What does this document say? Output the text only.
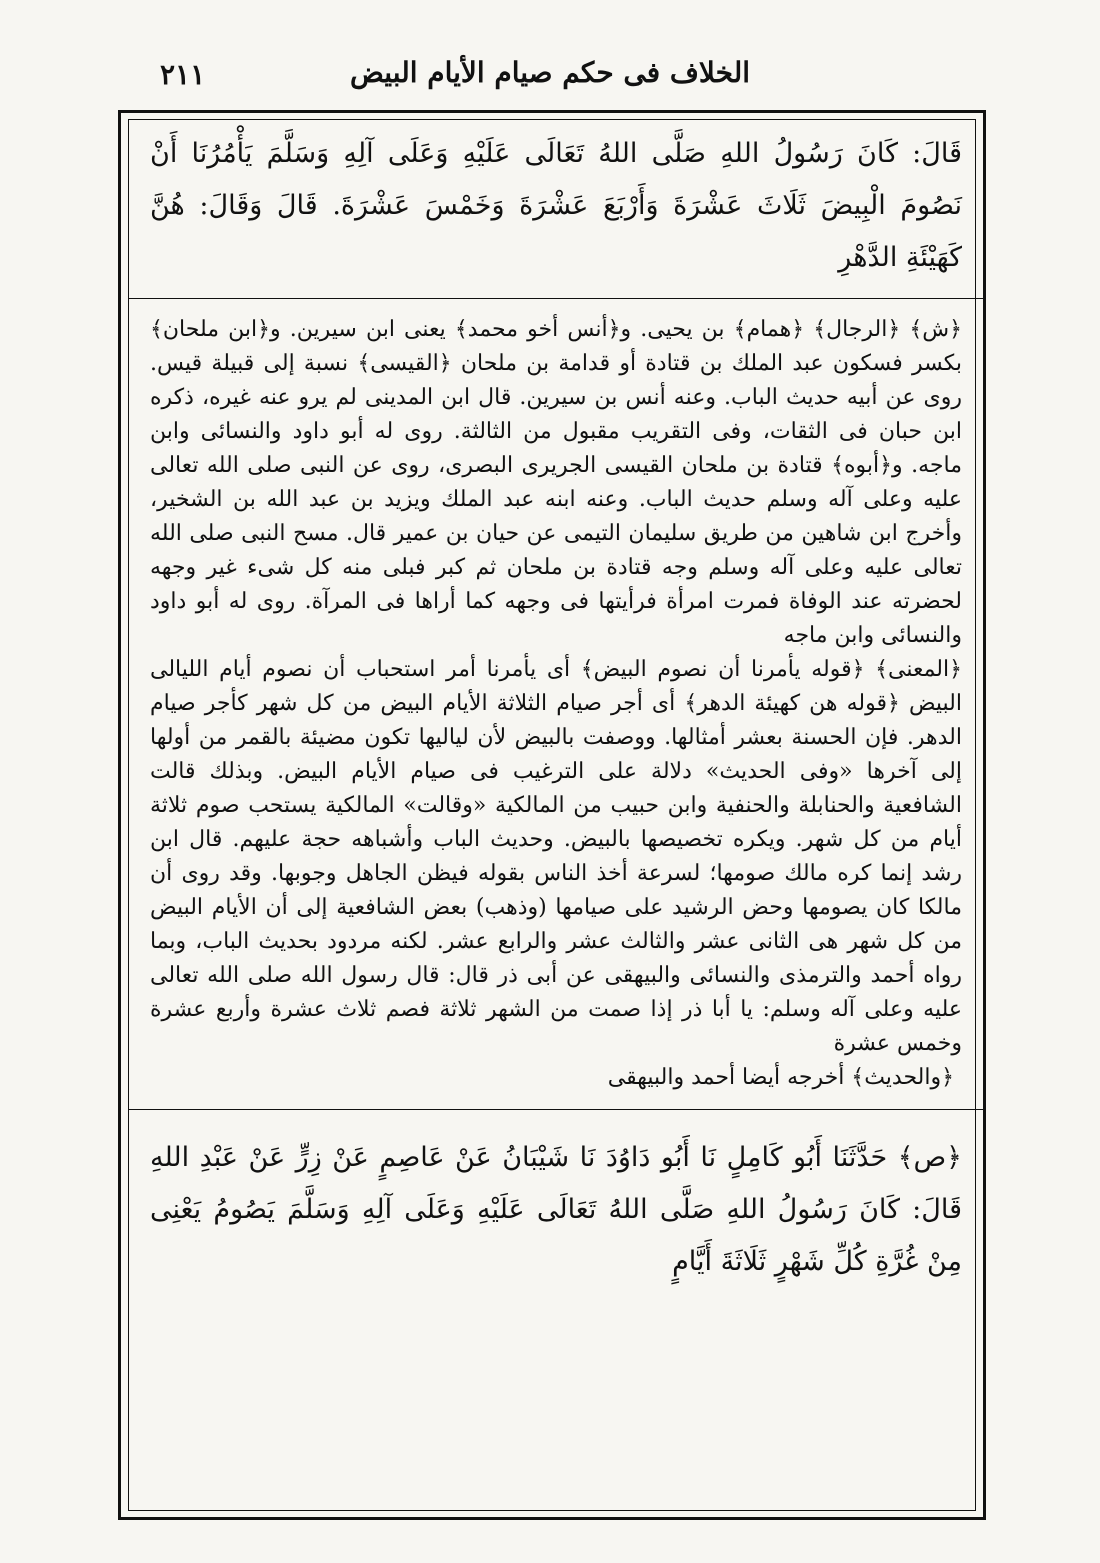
الخلاف فى حكم صيام الأيام البيض
٢١١

قَالَ: كَانَ رَسُولُ اللهِ صَلَّى اللهُ تَعَالَى عَلَيْهِ وَعَلَى آلِهِ وَسَلَّمَ يَأْمُرُنَا أَنْ نَصُومَ الْبِيضَ ثَلَاثَ عَشْرَةَ وَأَرْبَعَ عَشْرَةَ وَخَمْسَ عَشْرَةَ. قَالَ وَقَالَ: هُنَّ كَهَيْئَةِ الدَّهْرِ

﴿ش﴾ ﴿الرجال﴾ ﴿همام﴾ بن يحيى. و﴿أنس أخو محمد﴾ يعنى ابن سيرين. و﴿ابن ملحان﴾ بكسر فسكون عبد الملك بن قتادة أو قدامة بن ملحان ﴿القيسى﴾ نسبة إلى قبيلة قيس. روى عن أبيه حديث الباب. وعنه أنس بن سيرين. قال ابن المدينى لم يرو عنه غيره، ذكره ابن حبان فى الثقات، وفى التقريب مقبول من الثالثة. روى له أبو داود والنسائى وابن ماجه. و﴿أبوه﴾ قتادة بن ملحان القيسى الجريرى البصرى، روى عن النبى صلى الله تعالى عليه وعلى آله وسلم حديث الباب. وعنه ابنه عبد الملك ويزيد بن عبد الله بن الشخير، وأخرج ابن شاهين من طريق سليمان التيمى عن حيان بن عمير قال. مسح النبى صلى الله تعالى عليه وعلى آله وسلم وجه قتادة بن ملحان ثم كبر فبلى منه كل شىء غير وجهه لحضرته عند الوفاة فمرت امرأة فرأيتها فى وجهه كما أراها فى المرآة. روى له أبو داود والنسائى وابن ماجه

﴿المعنى﴾ ﴿قوله يأمرنا أن نصوم البيض﴾ أى يأمرنا أمر استحباب أن نصوم أيام الليالى البيض ﴿قوله هن كهيئة الدهر﴾ أى أجر صيام الثلاثة الأيام البيض من كل شهر كأجر صيام الدهر. فإن الحسنة بعشر أمثالها. ووصفت بالبيض لأن لياليها تكون مضيئة بالقمر من أولها إلى آخرها «وفى الحديث» دلالة على الترغيب فى صيام الأيام البيض. وبذلك قالت الشافعية والحنابلة والحنفية وابن حبيب من المالكية «وقالت» المالكية يستحب صوم ثلاثة أيام من كل شهر. ويكره تخصيصها بالبيض. وحديث الباب وأشباهه حجة عليهم. قال ابن رشد إنما كره مالك صومها؛ لسرعة أخذ الناس بقوله فيظن الجاهل وجوبها. وقد روى أن مالكا كان يصومها وحض الرشيد على صيامها (وذهب) بعض الشافعية إلى أن الأيام البيض من كل شهر هى الثانى عشر والثالث عشر والرابع عشر. لكنه مردود بحديث الباب، وبما رواه أحمد والترمذى والنسائى والبيهقى عن أبى ذر قال: قال رسول الله صلى الله تعالى عليه وعلى آله وسلم: يا أبا ذر إذا صمت من الشهر ثلاثة فصم ثلاث عشرة وأربع عشرة وخمس عشرة

﴿والحديث﴾ أخرجه أيضا أحمد والبيهقى

﴿ص﴾ حَدَّثَنَا أَبُو كَامِلٍ نَا أَبُو دَاوُدَ نَا شَيْبَانُ عَنْ عَاصِمٍ عَنْ زِرٍّ عَنْ عَبْدِ اللهِ قَالَ: كَانَ رَسُولُ اللهِ صَلَّى اللهُ تَعَالَى عَلَيْهِ وَعَلَى آلِهِ وَسَلَّمَ يَصُومُ يَعْنِى مِنْ غُرَّةِ كُلِّ شَهْرٍ ثَلَاثَةَ أَيَّامٍ
